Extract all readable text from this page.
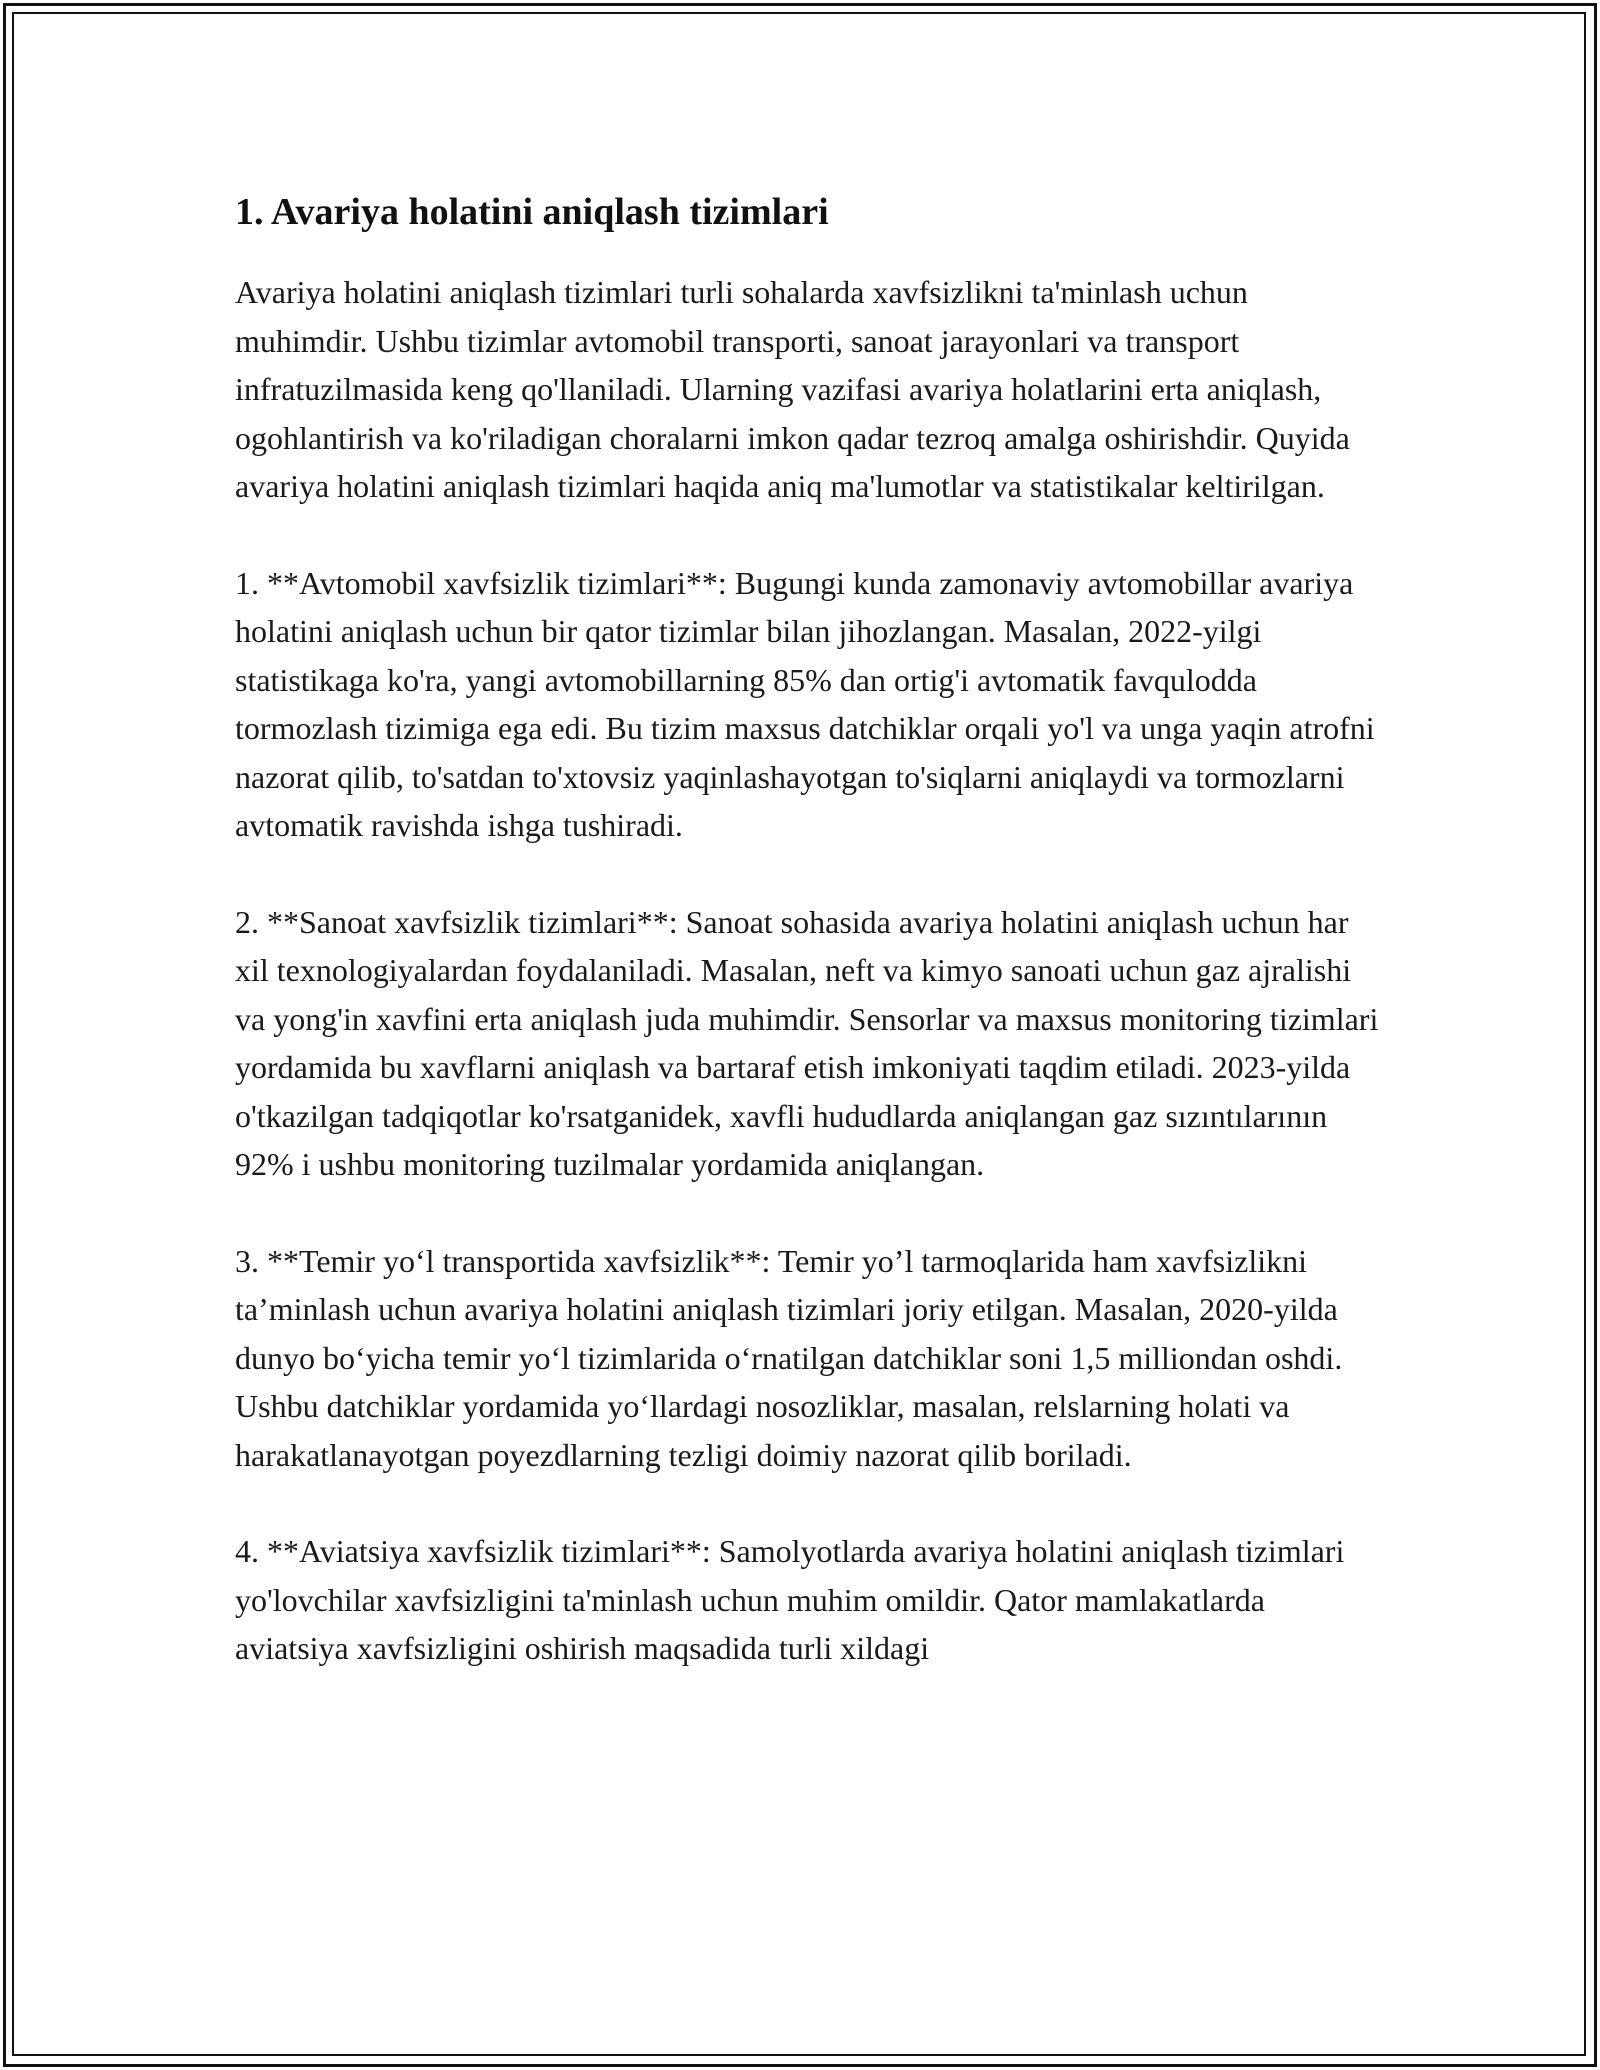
1. Avariya holatini aniqlash tizimlari

Avariya holatini aniqlash tizimlari turli sohalarda xavfsizlikni ta'minlash uchun muhimdir. Ushbu tizimlar avtomobil transporti, sanoat jarayonlari va transport infratuzilmasida keng qo'llaniladi. Ularning vazifasi avariya holatlarini erta aniqlash, ogohlantirish va ko'riladigan choralarni imkon qadar tezroq amalga oshirishdir. Quyida avariya holatini aniqlash tizimlari haqida aniq ma'lumotlar va statistikalar keltirilgan.

1. **Avtomobil xavfsizlik tizimlari**: Bugungi kunda zamonaviy avtomobillar avariya holatini aniqlash uchun bir qator tizimlar bilan jihozlangan. Masalan, 2022-yilgi statistikaga ko'ra, yangi avtomobillarning 85% dan ortig'i avtomatik favqulodda tormozlash tizimiga ega edi. Bu tizim maxsus datchiklar orqali yo'l va unga yaqin atrofni nazorat qilib, to'satdan to'xtovsiz yaqinlashayotgan to'siqlarni aniqlaydi va tormozlarni avtomatik ravishda ishga tushiradi.

2. **Sanoat xavfsizlik tizimlari**: Sanoat sohasida avariya holatini aniqlash uchun har xil texnologiyalardan foydalaniladi. Masalan, neft va kimyo sanoati uchun gaz ajralishi va yong'in xavfini erta aniqlash juda muhimdir. Sensorlar va maxsus monitoring tizimlari yordamida bu xavflarni aniqlash va bartaraf etish imkoniyati taqdim etiladi. 2023-yilda o'tkazilgan tadqiqotlar ko'rsatganidek, xavfli hududlarda aniqlangan gaz sızıntılarının 92% i ushbu monitoring tuzilmalar yordamida aniqlangan.

3. **Temir yo‘l transportida xavfsizlik**: Temir yo’l tarmoqlarida ham xavfsizlikni ta’minlash uchun avariya holatini aniqlash tizimlari joriy etilgan. Masalan, 2020-yilda dunyo bo‘yicha temir yo‘l tizimlarida o‘rnatilgan datchiklar soni 1,5 milliondan oshdi. Ushbu datchiklar yordamida yo‘llardagi nosozliklar, masalan, relslarning holati va harakatlanayotgan poyezdlarning tezligi doimiy nazorat qilib boriladi.

4. **Aviatsiya xavfsizlik tizimlari**: Samolyotlarda avariya holatini aniqlash tizimlari yo'lovchilar xavfsizligini ta'minlash uchun muhim omildir. Qator mamlakatlarda aviatsiya xavfsizligini oshirish maqsadida turli xildagi
